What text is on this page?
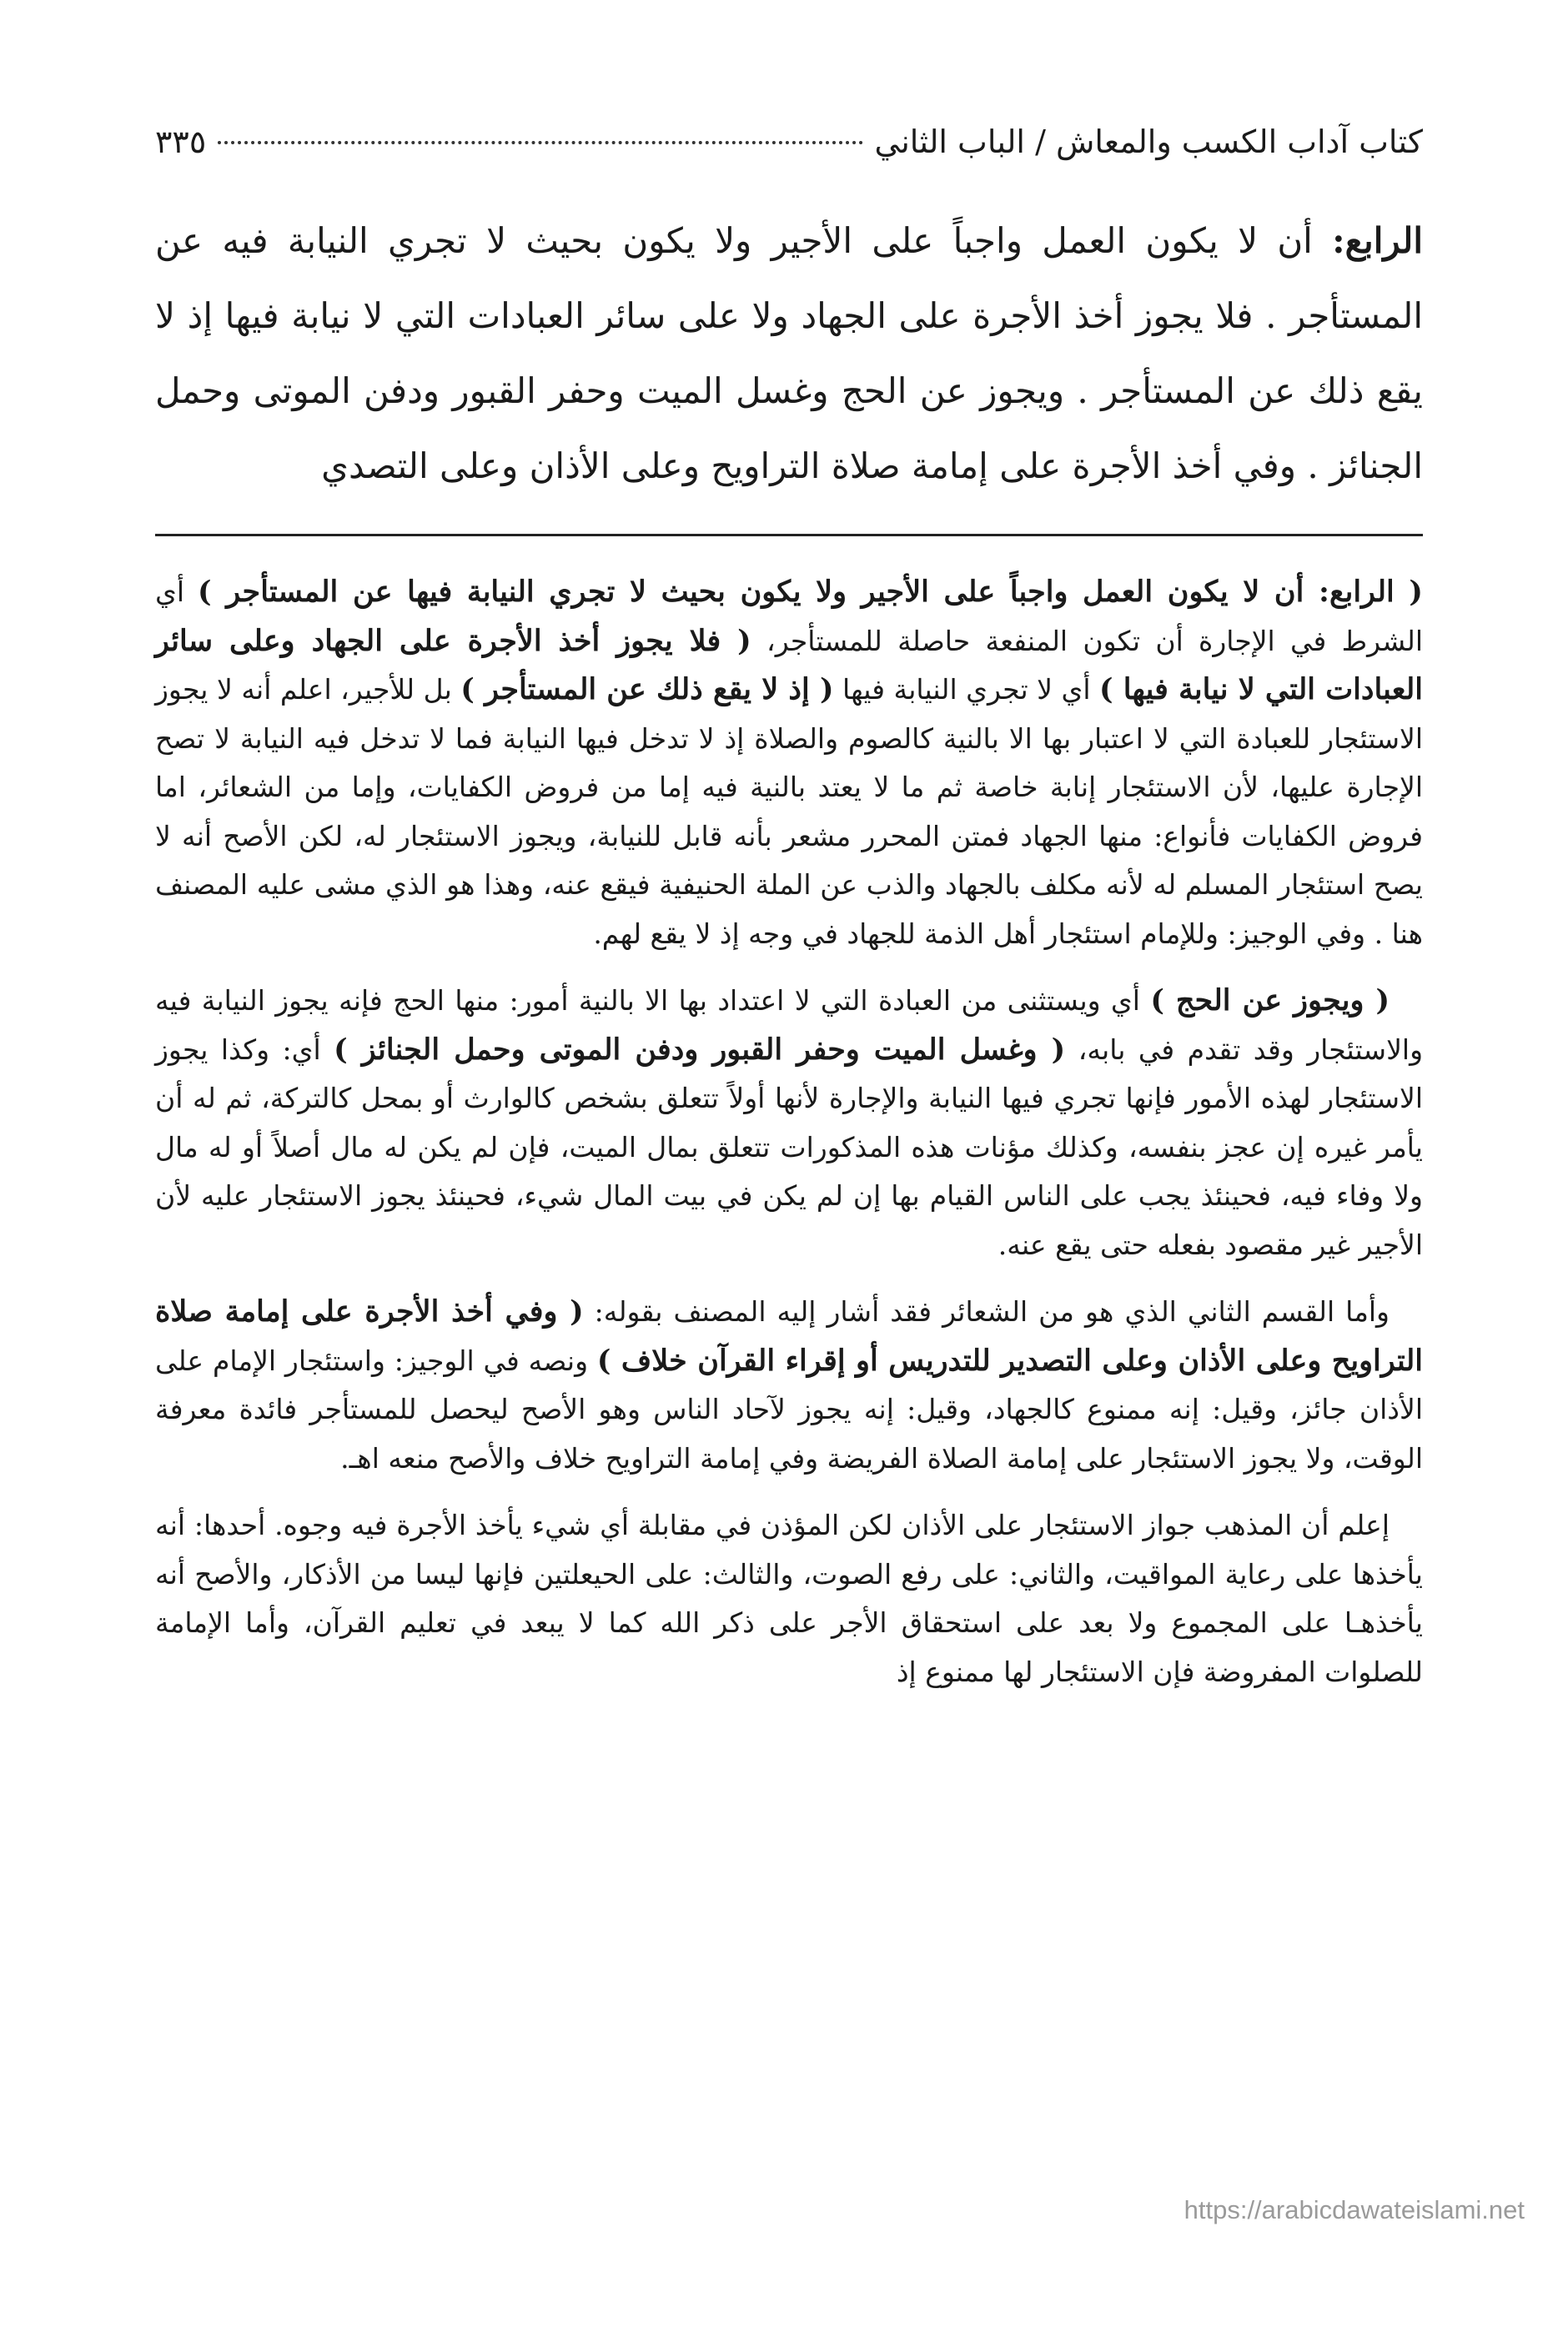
كتاب آداب الكسب والمعاش / الباب الثاني
٣٣٥
الرابع: أن لا يكون العمل واجباً على الأجير ولا يكون بحيث لا تجري النيابة فيه عن المستأجر . فلا يجوز أخذ الأجرة على الجهاد ولا على سائر العبادات التي لا نيابة فيها إذ لا يقع ذلك عن المستأجر . ويجوز عن الحج وغسل الميت وحفر القبور ودفن الموتى وحمل الجنائز . وفي أخذ الأجرة على إمامة صلاة التراويح وعلى الأذان وعلى التصدي

( الرابع: أن لا يكون العمل واجباً على الأجير ولا يكون بحيث لا تجري النيابة فيها عن المستأجر ) أي الشرط في الإجارة أن تكون المنفعة حاصلة للمستأجر، ( فلا يجوز أخذ الأجرة على الجهاد وعلى سائر العبادات التي لا نيابة فيها ) أي لا تجري النيابة فيها ( إذ لا يقع ذلك عن المستأجر ) بل للأجير، اعلم أنه لا يجوز الاستئجار للعبادة التي لا اعتبار بها الا بالنية كالصوم والصلاة إذ لا تدخل فيها النيابة فما لا تدخل فيه النيابة لا تصح الإجارة عليها، لأن الاستئجار إنابة خاصة ثم ما لا يعتد بالنية فيه إما من فروض الكفايات، وإما من الشعائر، اما فروض الكفايات فأنواع: منها الجهاد فمتن المحرر مشعر بأنه قابل للنيابة، ويجوز الاستئجار له، لكن الأصح أنه لا يصح استئجار المسلم له لأنه مكلف بالجهاد والذب عن الملة الحنيفية فيقع عنه، وهذا هو الذي مشى عليه المصنف هنا . وفي الوجيز: وللإمام استئجار أهل الذمة للجهاد في وجه إذ لا يقع لهم.

( ويجوز عن الحج ) أي ويستثنى من العبادة التي لا اعتداد بها الا بالنية أمور: منها الحج فإنه يجوز النيابة فيه والاستئجار وقد تقدم في بابه، ( وغسل الميت وحفر القبور ودفن الموتى وحمل الجنائز ) أي: وكذا يجوز الاستئجار لهذه الأمور فإنها تجري فيها النيابة والإجارة لأنها أولاً تتعلق بشخص كالوارث أو بمحل كالتركة، ثم له أن يأمر غيره إن عجز بنفسه، وكذلك مؤنات هذه المذكورات تتعلق بمال الميت، فإن لم يكن له مال أصلاً أو له مال ولا وفاء فيه، فحينئذ يجب على الناس القيام بها إن لم يكن في بيت المال شيء، فحينئذ يجوز الاستئجار عليه لأن الأجير غير مقصود بفعله حتى يقع عنه.

وأما القسم الثاني الذي هو من الشعائر فقد أشار إليه المصنف بقوله: ( وفي أخذ الأجرة على إمامة صلاة التراويح وعلى الأذان وعلى التصدير للتدريس أو إقراء القرآن خلاف ) ونصه في الوجيز: واستئجار الإمام على الأذان جائز، وقيل: إنه ممنوع كالجهاد، وقيل: إنه يجوز لآحاد الناس وهو الأصح ليحصل للمستأجر فائدة معرفة الوقت، ولا يجوز الاستئجار على إمامة الصلاة الفريضة وفي إمامة التراويح خلاف والأصح منعه اهـ.

إعلم أن المذهب جواز الاستئجار على الأذان لكن المؤذن في مقابلة أي شيء يأخذ الأجرة فيه وجوه. أحدها: أنه يأخذها على رعاية المواقيت، والثاني: على رفع الصوت، والثالث: على الحيعلتين فإنها ليسا من الأذكار، والأصح أنه يأخذهـا على المجموع ولا بعد على استحقاق الأجر على ذكر الله كما لا يبعد في تعليم القرآن، وأما الإمامة للصلوات المفروضة فإن الاستئجار لها ممنوع إذ

https://arabicdawateislami.net
